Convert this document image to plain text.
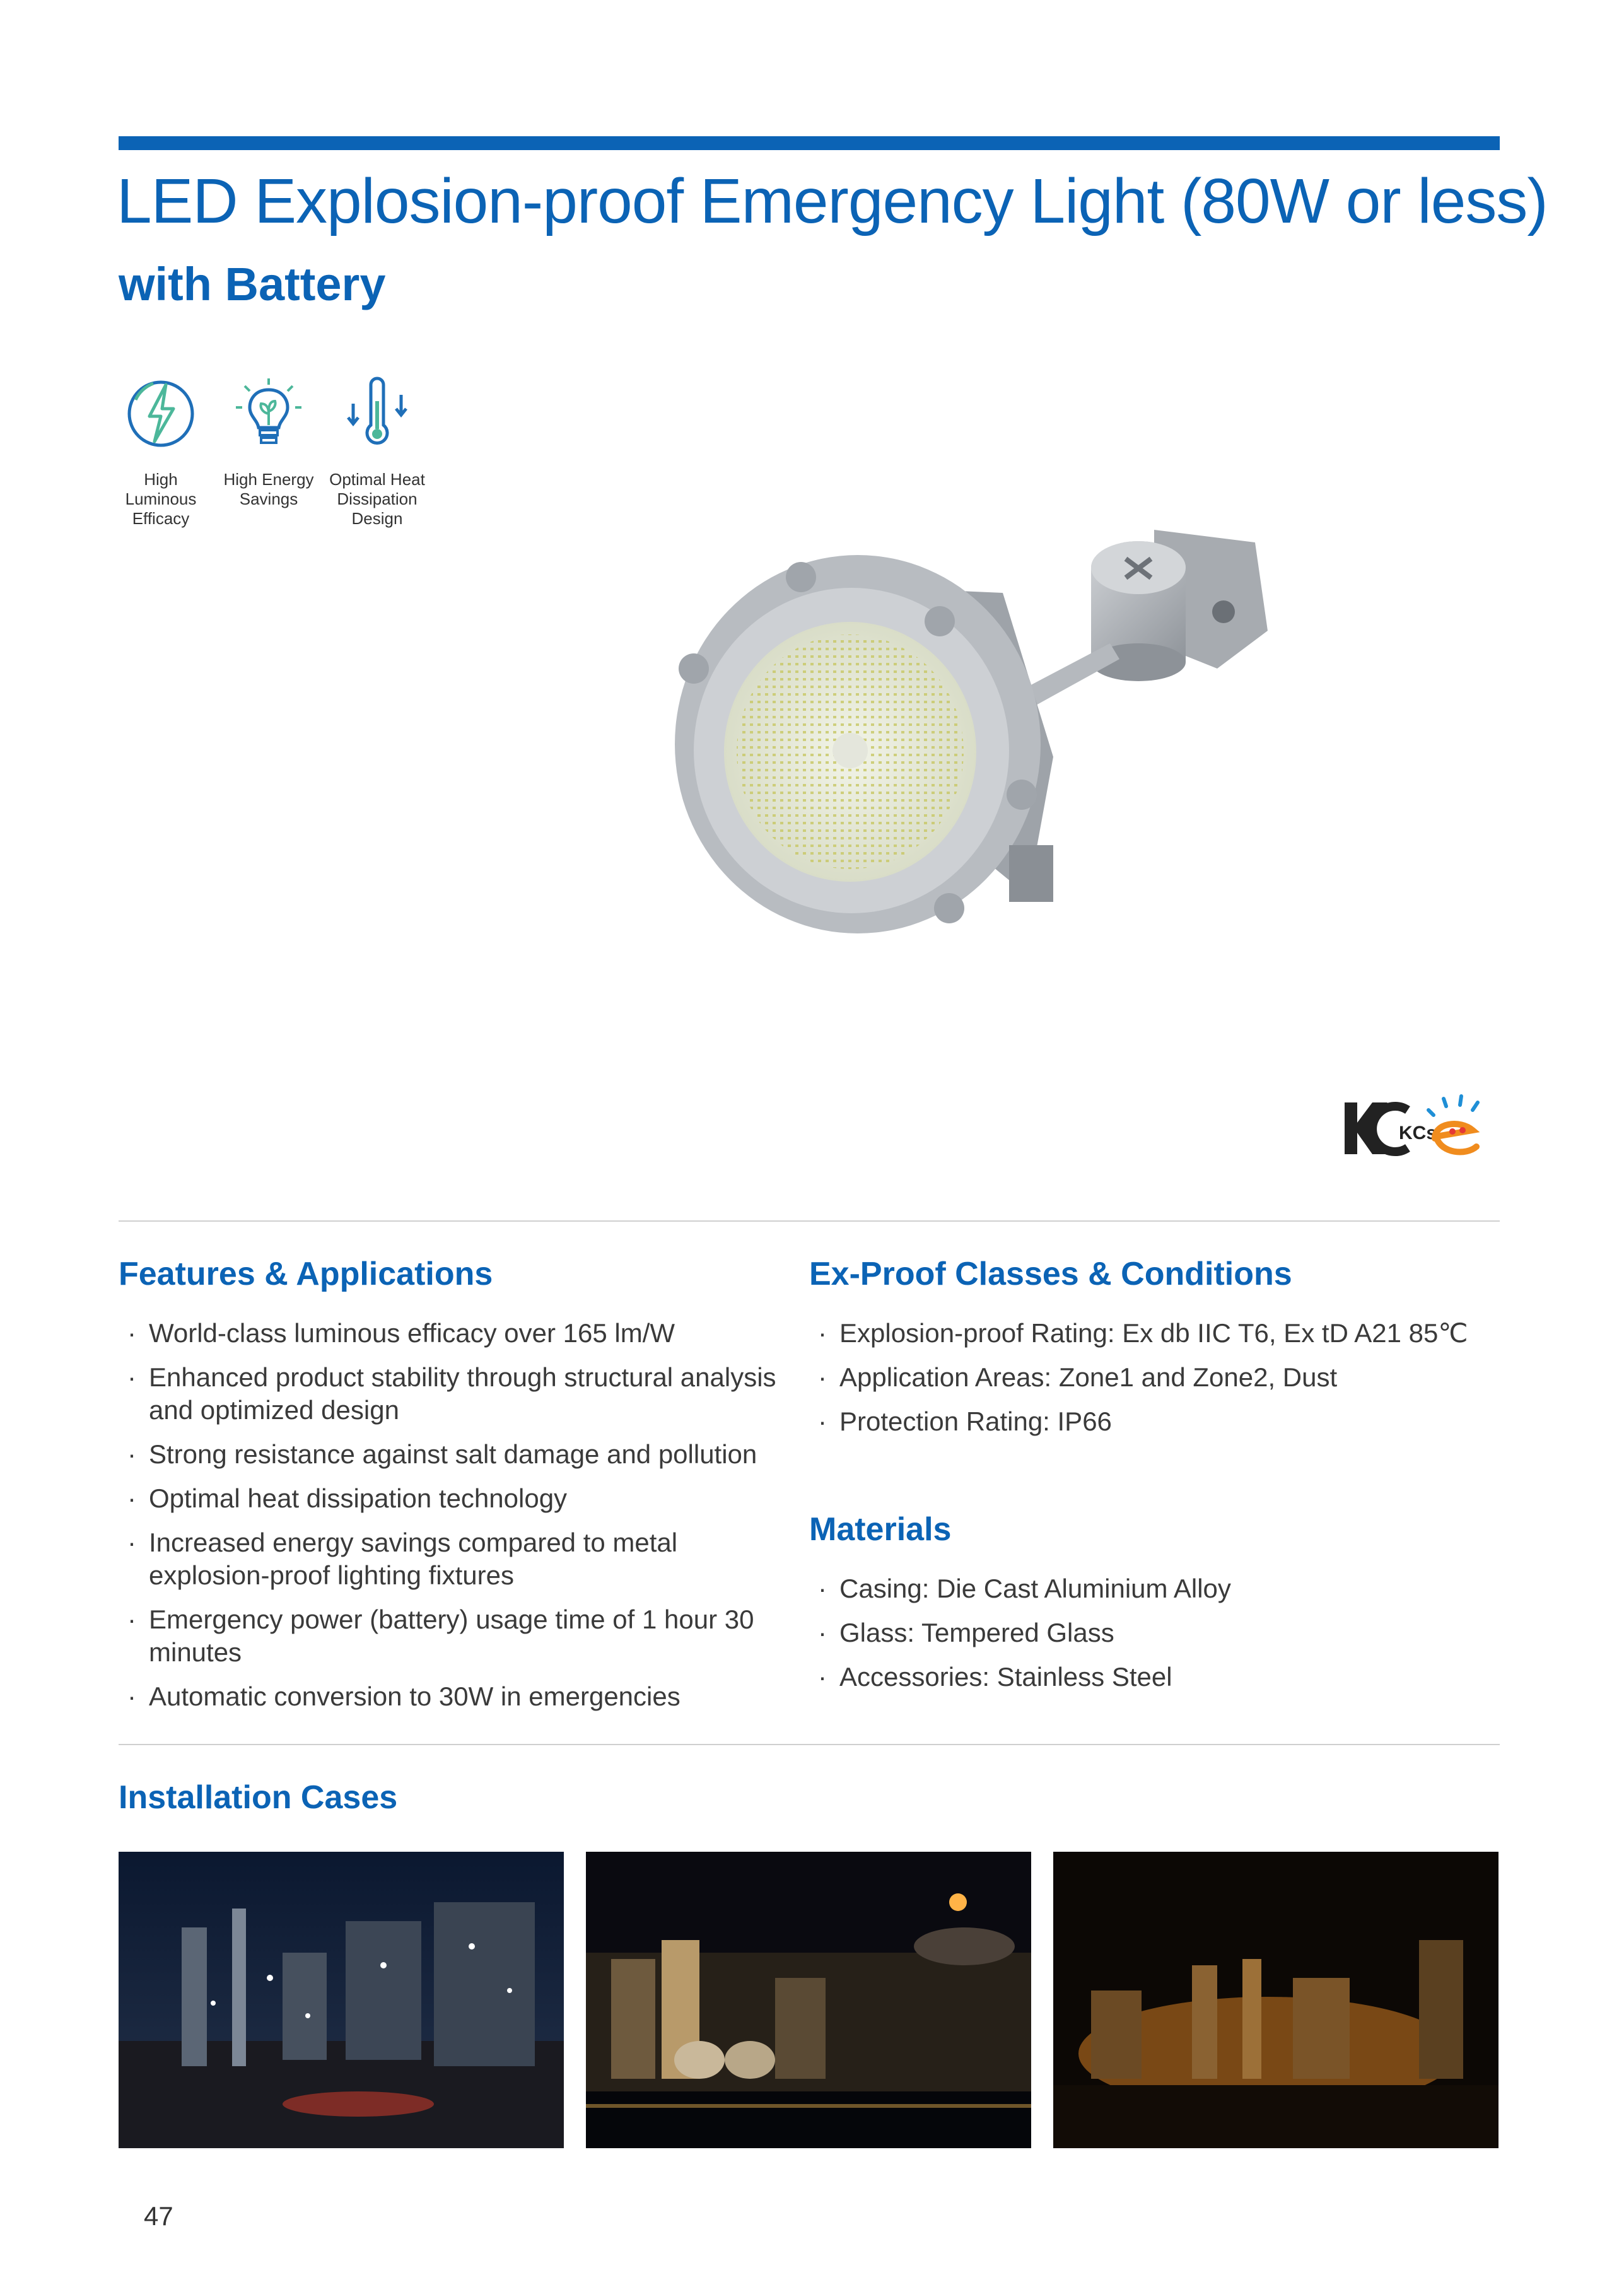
LED Explosion-proof Emergency Light (80W or less)
with Battery
High Luminous Efficacy
High Energy Savings
Optimal Heat Dissipation Design
KCs
Features & Applications
· World-class luminous efficacy over 165 lm/W
· Enhanced product stability through structural analysis and optimized design
· Strong resistance against salt damage and pollution
· Optimal heat dissipation technology
· Increased energy savings compared to metal explosion-proof lighting fixtures
· Emergency power (battery) usage time of 1 hour 30 minutes
· Automatic conversion to 30W in emergencies
Ex-Proof Classes & Conditions
· Explosion-proof Rating: Ex db IIC T6, Ex tD A21 85℃
· Application Areas: Zone1 and Zone2, Dust
· Protection Rating: IP66
Materials
· Casing: Die Cast Aluminium Alloy
· Glass: Tempered Glass
· Accessories: Stainless Steel
Installation Cases
47
